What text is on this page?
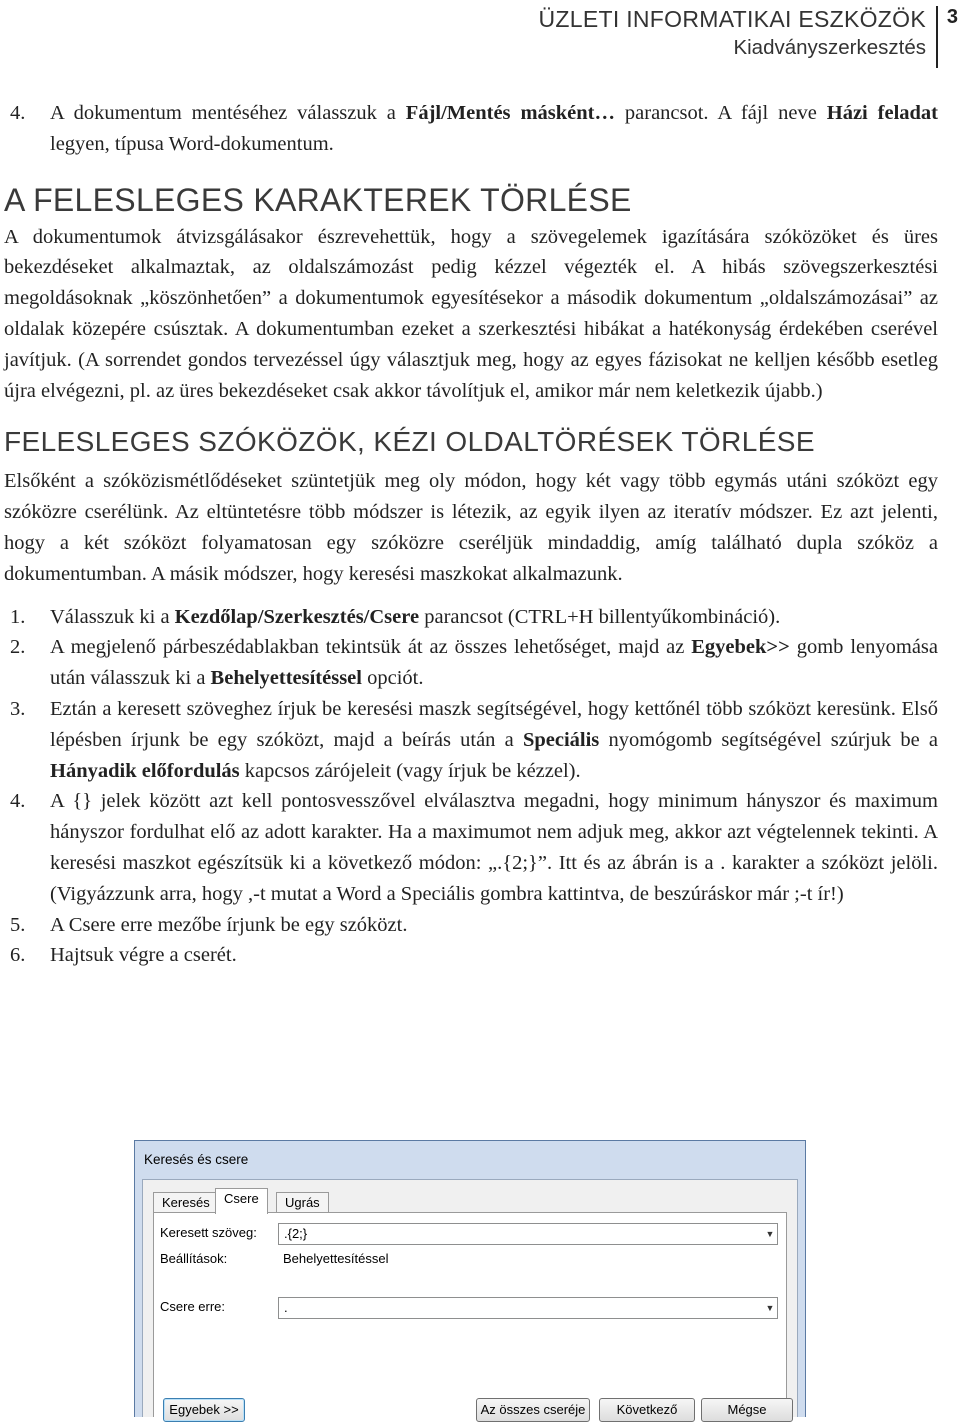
ÜZLETI INFORMATIKAI ESZKÖZÖK
Kiadványszerkesztés
3
4. A dokumentum mentéséhez válasszuk a Fájl/Mentés másként… parancsot. A fájl neve Házi feladat legyen, típusa Word-dokumentum.
A FELESLEGES KARAKTEREK TÖRLÉSE

A dokumentumok átvizsgálásakor észrevehettük, hogy a szövegelemek igazítására szóközöket és üres bekezdéseket alkalmaztak, az oldalszámozást pedig kézzel végezték el. A hibás szövegszerkesztési megoldásoknak „köszönhetően” a dokumentumok egyesítésekor a második dokumentum „oldalszámozásai” az oldalak közepére csúsztak. A dokumentumban ezeket a szerkesztési hibákat a hatékonyság érdekében cserével javítjuk. (A sorrendet gondos tervezéssel úgy választjuk meg, hogy az egyes fázisokat ne kelljen később esetleg újra elvégezni, pl. az üres bekezdéseket csak akkor távolítjuk el, amikor már nem keletkezik újabb.)

FELESLEGES SZÓKÖZÖK, KÉZI OLDALTÖRÉSEK TÖRLÉSE

Elsőként a szóközismétlődéseket szüntetjük meg oly módon, hogy két vagy több egymás utáni szóközt egy szóközre cserélünk. Az eltüntetésre több módszer is létezik, az egyik ilyen az iteratív módszer. Ez azt jelenti, hogy a két szóközt folyamatosan egy szóközre cseréljük mindaddig, amíg található dupla szóköz a dokumentumban. A másik módszer, hogy keresési maszkokat alkalmazunk.

1. Válasszuk ki a Kezdőlap/Szerkesztés/Csere parancsot (CTRL+H billentyűkombináció).
2. A megjelenő párbeszédablakban tekintsük át az összes lehetőséget, majd az Egyebek>> gomb lenyomása után válasszuk ki a Behelyettesítéssel opciót.
3. Eztán a keresett szöveghez írjuk be keresési maszk segítségével, hogy kettőnél több szóközt keresünk. Első lépésben írjunk be egy szóközt, majd a beírás után a Speciális nyomógomb segítségével szúrjuk be a Hányadik előfordulás kapcsos zárójeleit (vagy írjuk be kézzel).
4. A {} jelek között azt kell pontosvesszővel elválasztva megadni, hogy minimum hányszor és maximum hányszor fordulhat elő az adott karakter. Ha a maximumot nem adjuk meg, akkor azt végtelennek tekinti. A keresési maszkot egészítsük ki a következő módon: „.{2;}”. Itt és az ábrán is a . karakter a szóközt jelöli. (Vigyázzunk arra, hogy ,-t mutat a Word a Speciális gombra kattintva, de beszúráskor már ;-t ír!)
5. A Csere erre mezőbe írjunk be egy szóközt.
6. Hajtsuk végre a cserét.
Keresés és csere
Keresés	Csere	Ugrás
Keresett szöveg: .{2;}	▼
Beállítások:	Behelyettesítéssel
Csere erre:	.	▼
Egyebek >>	Az összes cseréje	Következő	Mégse
